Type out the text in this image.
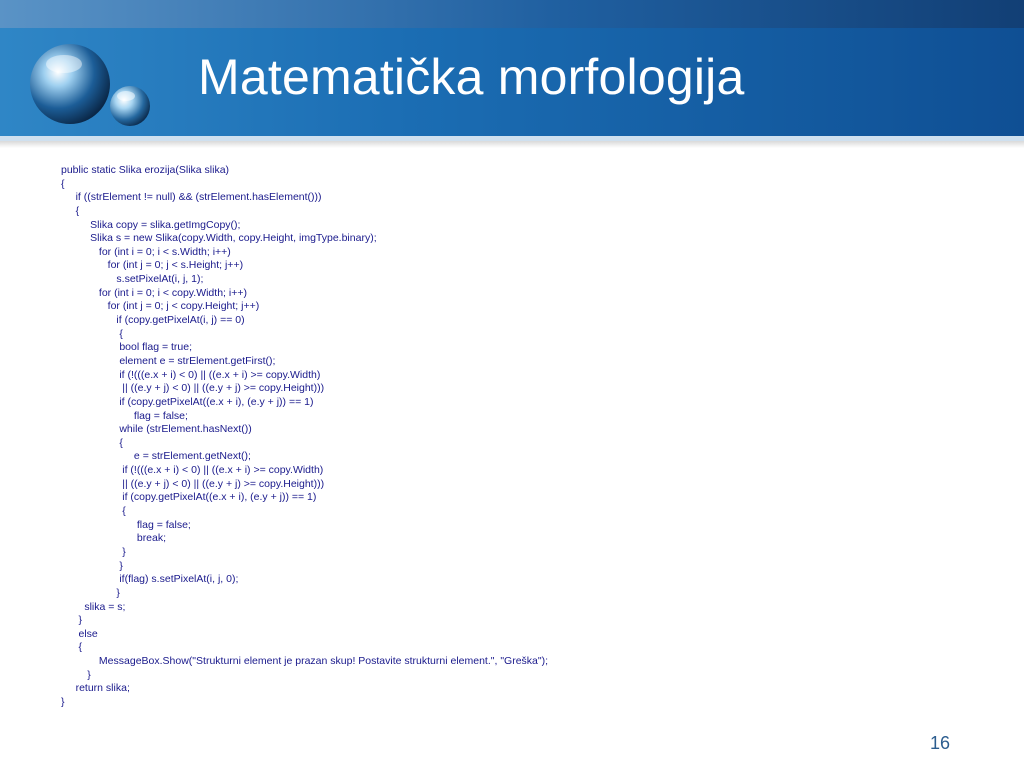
Matematička morfologija
public static Slika erozija(Slika slika)
{
if ((strElement != null) && (strElement.hasElement()))
{
Slika copy = slika.getImgCopy();
Slika s = new Slika(copy.Width, copy.Height, imgType.binary);
for (int i = 0; i < s.Width; i++)
for (int j = 0; j < s.Height; j++)
s.setPixelAt(i, j, 1);
for (int i = 0; i < copy.Width; i++)
for (int j = 0; j < copy.Height; j++)
if (copy.getPixelAt(i, j) == 0)
{
bool flag = true;
element e = strElement.getFirst();
if (!(((e.x + i) < 0) || ((e.x + i) >= copy.Width)
|| ((e.y + j) < 0) || ((e.y + j) >= copy.Height)))
if (copy.getPixelAt((e.x + i), (e.y + j)) == 1)
flag = false;
while (strElement.hasNext())
{
e = strElement.getNext();
if (!(((e.x + i) < 0) || ((e.x + i) >= copy.Width)
|| ((e.y + j) < 0) || ((e.y + j) >= copy.Height)))
if (copy.getPixelAt((e.x + i), (e.y + j)) == 1)
{
flag = false;
break;
}
}
if(flag) s.setPixelAt(i, j, 0);
}
slika = s;
}
else
{
MessageBox.Show("Strukturni element je prazan skup! Postavite strukturni element.", "Greška");
}
return slika;
}
16
